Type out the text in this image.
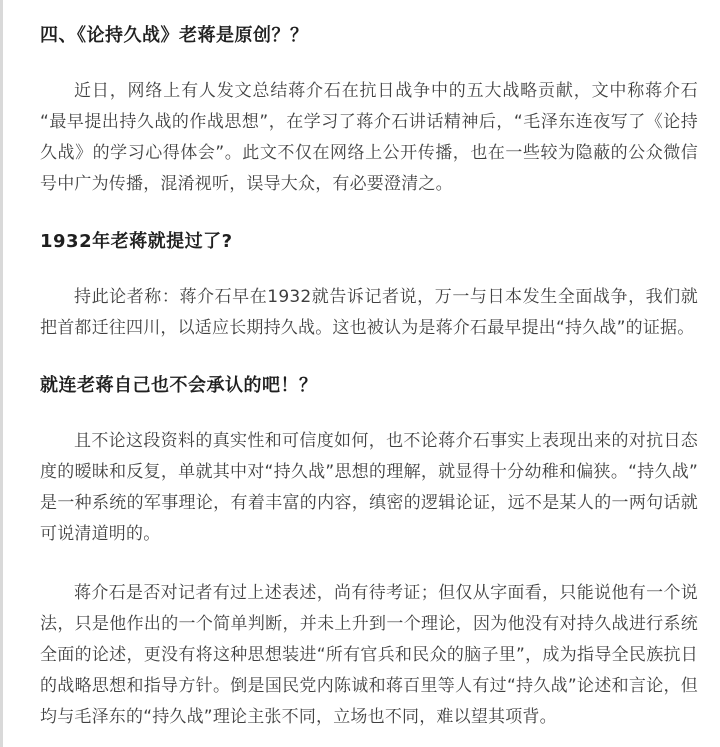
四、《论持久战》老蒋是原创？？

近日，网络上有人发文总结蒋介石在抗日战争中的五大战略贡献，文中称蒋介石“最早提出持久战的作战思想”，在学习了蒋介石讲话精神后，“毛泽东连夜写了《论持久战》的学习心得体会”。此文不仅在网络上公开传播，也在一些较为隐蔽的公众微信号中广为传播，混淆视听，误导大众，有必要澄清之。

1932年老蒋就提过了?

持此论者称：蒋介石早在1932就告诉记者说，万一与日本发生全面战争，我们就把首都迁往四川，以适应长期持久战。这也被认为是蒋介石最早提出“持久战”的证据。

就连老蒋自己也不会承认的吧！？

且不论这段资料的真实性和可信度如何，也不论蒋介石事实上表现出来的对抗日态度的暧昧和反复，单就其中对“持久战”思想的理解，就显得十分幼稚和偏狭。“持久战”是一种系统的军事理论，有着丰富的内容，缜密的逻辑论证，远不是某人的一两句话就可说清道明的。

蒋介石是否对记者有过上述表述，尚有待考证；但仅从字面看，只能说他有一个说法，只是他作出的一个简单判断，并未上升到一个理论，因为他没有对持久战进行系统全面的论述，更没有将这种思想装进“所有官兵和民众的脑子里”，成为指导全民族抗日的战略思想和指导方针。倒是国民党内陈诚和蒋百里等人有过“持久战”论述和言论，但均与毛泽东的“持久战”理论主张不同，立场也不同，难以望其项背。
